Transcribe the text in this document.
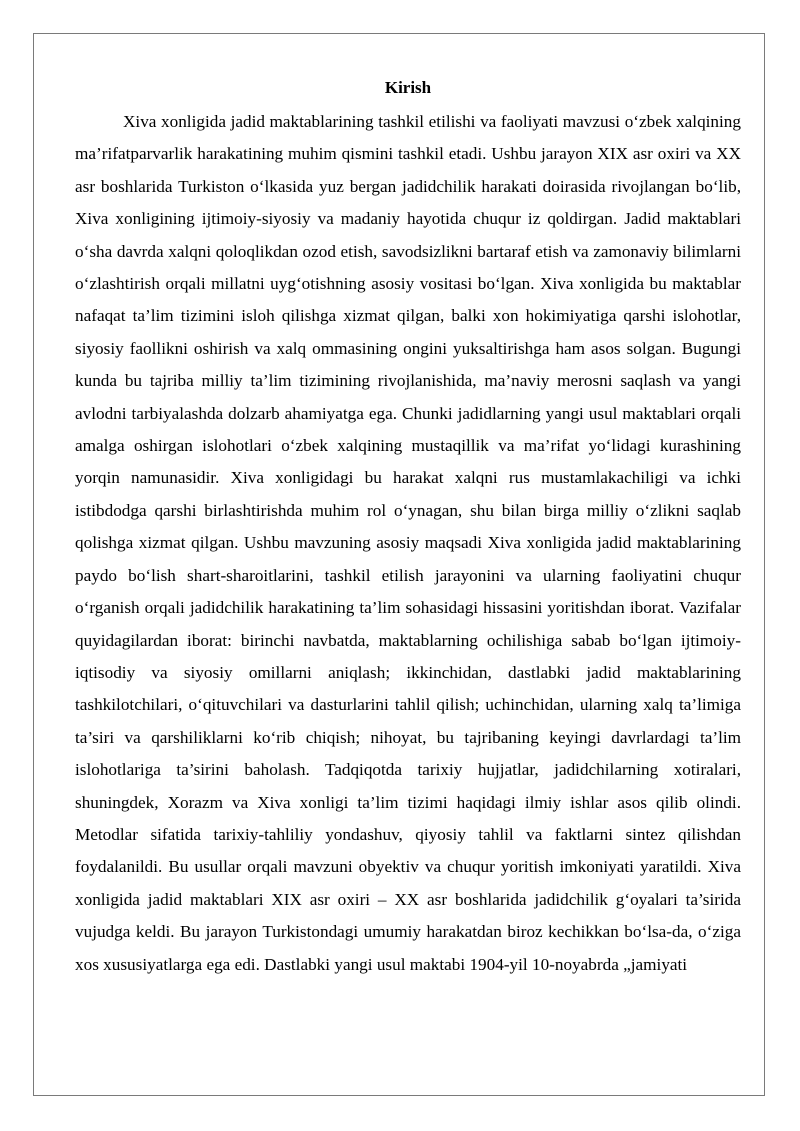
Kirish

Xiva xonligida jadid maktablarining tashkil etilishi va faoliyati mavzusi o‘zbek xalqining ma’rifatparvarlik harakatining muhim qismini tashkil etadi. Ushbu jarayon XIX asr oxiri va XX asr boshlarida Turkiston o‘lkasida yuz bergan jadidchilik harakati doirasida rivojlangan bo‘lib, Xiva xonligining ijtimoiy-siyosiy va madaniy hayotida chuqur iz qoldirgan. Jadid maktablari o‘sha davrda xalqni qoloqlikdan ozod etish, savodsizlikni bartaraf etish va zamonaviy bilimlarni o‘zlashtirish orqali millatni uyg‘otishning asosiy vositasi bo‘lgan. Xiva xonligida bu maktablar nafaqat ta’lim tizimini isloh qilishga xizmat qilgan, balki xon hokimiyatiga qarshi islohotlar, siyosiy faollikni oshirish va xalq ommasining ongini yuksaltirishga ham asos solgan. Bugungi kunda bu tajriba milliy ta’lim tizimining rivojlanishida, ma’naviy merosni saqlash va yangi avlodni tarbiyalashda dolzarb ahamiyatga ega. Chunki jadidlarning yangi usul maktablari orqali amalga oshirgan islohotlari o‘zbek xalqining mustaqillik va ma’rifat yo‘lidagi kurashining yorqin namunasidir. Xiva xonligidagi bu harakat xalqni rus mustamlakachiligi va ichki istibdodga qarshi birlashtirishda muhim rol o‘ynagan, shu bilan birga milliy o‘zlikni saqlab qolishga xizmat qilgan. Ushbu mavzuning asosiy maqsadi Xiva xonligida jadid maktablarining paydo bo‘lish shart-sharoitlarini, tashkil etilish jarayonini va ularning faoliyatini chuqur o‘rganish orqali jadidchilik harakatining ta’lim sohasidagi hissasini yoritishdan iborat. Vazifalar quyidagilardan iborat: birinchi navbatda, maktablarning ochilishiga sabab bo‘lgan ijtimoiy-iqtisodiy va siyosiy omillarni aniqlash; ikkinchidan, dastlabki jadid maktablarining tashkilotchilari, o‘qituvchilari va dasturlarini tahlil qilish; uchinchidan, ularning xalq ta’limiga ta’siri va qarshiliklarni ko‘rib chiqish; nihoyat, bu tajribaning keyingi davrlardagi ta’lim islohotlariga ta’sirini baholash. Tadqiqotda tarixiy hujjatlar, jadidchilarning xotiralari, shuningdek, Xorazm va Xiva xonligi ta’lim tizimi haqidagi ilmiy ishlar asos qilib olindi. Metodlar sifatida tarixiy-tahliliy yondashuv, qiyosiy tahlil va faktlarni sintez qilishdan foydalanildi. Bu usullar orqali mavzuni obyektiv va chuqur yoritish imkoniyati yaratildi. Xiva xonligida jadid maktablari XIX asr oxiri – XX asr boshlarida jadidchilik g‘oyalari ta’sirida vujudga keldi. Bu jarayon Turkistondagi umumiy harakatdan biroz kechikkan bo‘lsa-da, o‘ziga xos xususiyatlarga ega edi. Dastlabki yangi usul maktabi 1904-yil 10-noyabrda „jamiyati
